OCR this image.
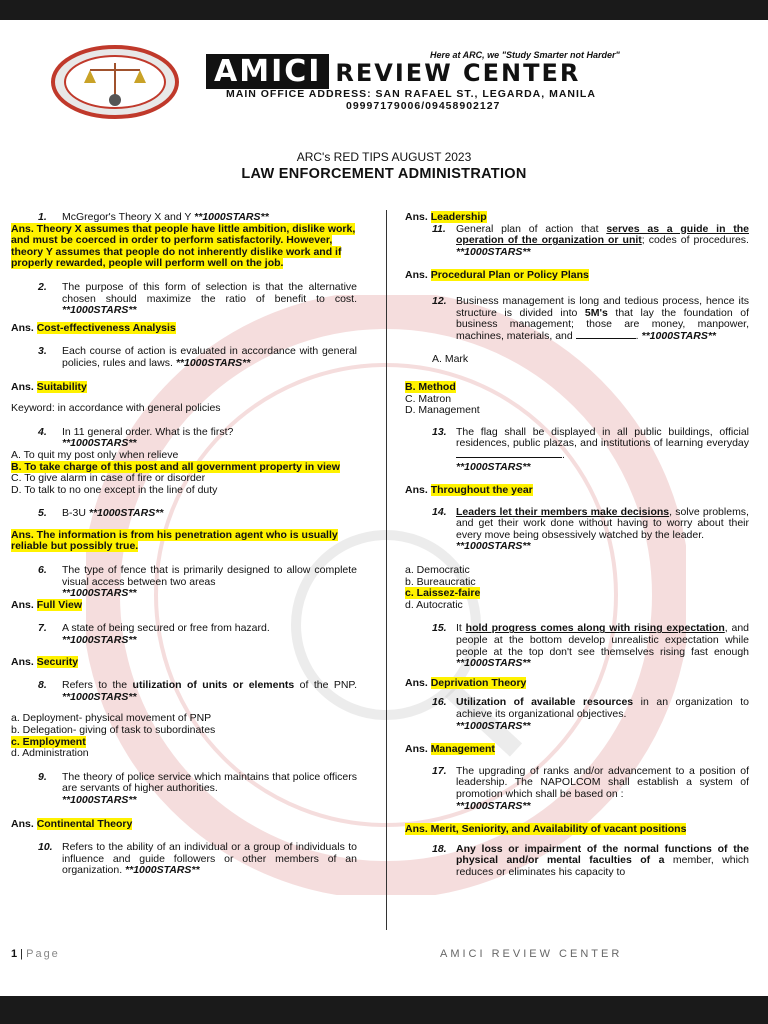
Here at ARC, we "Study Smarter not Harder"
AMICI REVIEW CENTER
MAIN OFFICE ADDRESS: SAN RAFAEL ST., LEGARDA, MANILA
09997179006/09458902127
ARC's RED TIPS AUGUST 2023
LAW ENFORCEMENT ADMINISTRATION
1. McGregor's Theory X and Y **1000STARS**
Ans. Theory X assumes that people have little ambition, dislike work, and must be coerced in order to perform satisfactorily. However, theory Y assumes that people do not inherently dislike work and if properly rewarded, people will perform well on the job.
2. The purpose of this form of selection is that the alternative chosen should maximize the ratio of benefit to cost. **1000STARS**
Ans. Cost-effectiveness Analysis
3. Each course of action is evaluated in accordance with general policies, rules and laws. **1000STARS**
Ans. Suitability
Keyword: in accordance with general policies
4. In 11 general order. What is the first?
**1000STARS**
A. To quit my post only when relieve
B. To take charge of this post and all government property in view
C. To give alarm in case of fire or disorder
D. To talk to no one except in the line of duty
5. B-3U **1000STARS**
Ans. The information is from his penetration agent who is usually reliable but possibly true.
6. The type of fence that is primarily designed to allow complete visual access between two areas
**1000STARS**
Ans. Full View
7. A state of being secured or free from hazard.
**1000STARS**
Ans. Security
8. Refers to the utilization of units or elements of the PNP. **1000STARS**
a. Deployment- physical movement of PNP
b. Delegation- giving of task to subordinates
c. Employment
d. Administration
9. The theory of police service which maintains that police officers are servants of higher authorities.
**1000STARS**
Ans. Continental Theory
10. Refers to the ability of an individual or a group of individuals to influence and guide followers or other members of an organization. **1000STARS**
Ans. Leadership
11. General plan of action that serves as a guide in the operation of the organization or unit; codes of procedures. **1000STARS**
Ans. Procedural Plan or Policy Plans
12. Business management is long and tedious process, hence its structure is divided into 5M's that lay the foundation of business management; those are money, manpower, machines, materials, and	. **1000STARS**
A. Mark
B. Method
C. Matron
D. Management
13. The flag shall be displayed in all public buildings, official residences, public plazas, and institutions of learning everyday .
**1000STARS**
Ans. Throughout the year
14. Leaders let their members make decisions, solve problems, and get their work done without having to worry about their every move being obsessively watched by the leader.
**1000STARS**
a. Democratic
b. Bureaucratic
c. Laissez-faire
d. Autocratic
15. It hold progress comes along with rising expectation, and people at the bottom develop unrealistic expectation while people at the top don't see themselves rising fast enough **1000STARS**
Ans. Deprivation Theory
16. Utilization of available resources in an organization to achieve its organizational objectives.
**1000STARS**
Ans. Management
17. The upgrading of ranks and/or advancement to a position of leadership. The NAPOLCOM shall establish a system of promotion which shall be based on :
**1000STARS**
Ans. Merit, Seniority, and Availability of vacant positions
18. Any loss or impairment of the normal functions of the physical and/or mental faculties of a member, which reduces or eliminates his capacity to
1 | Page	AMICI REVIEW CENTER
